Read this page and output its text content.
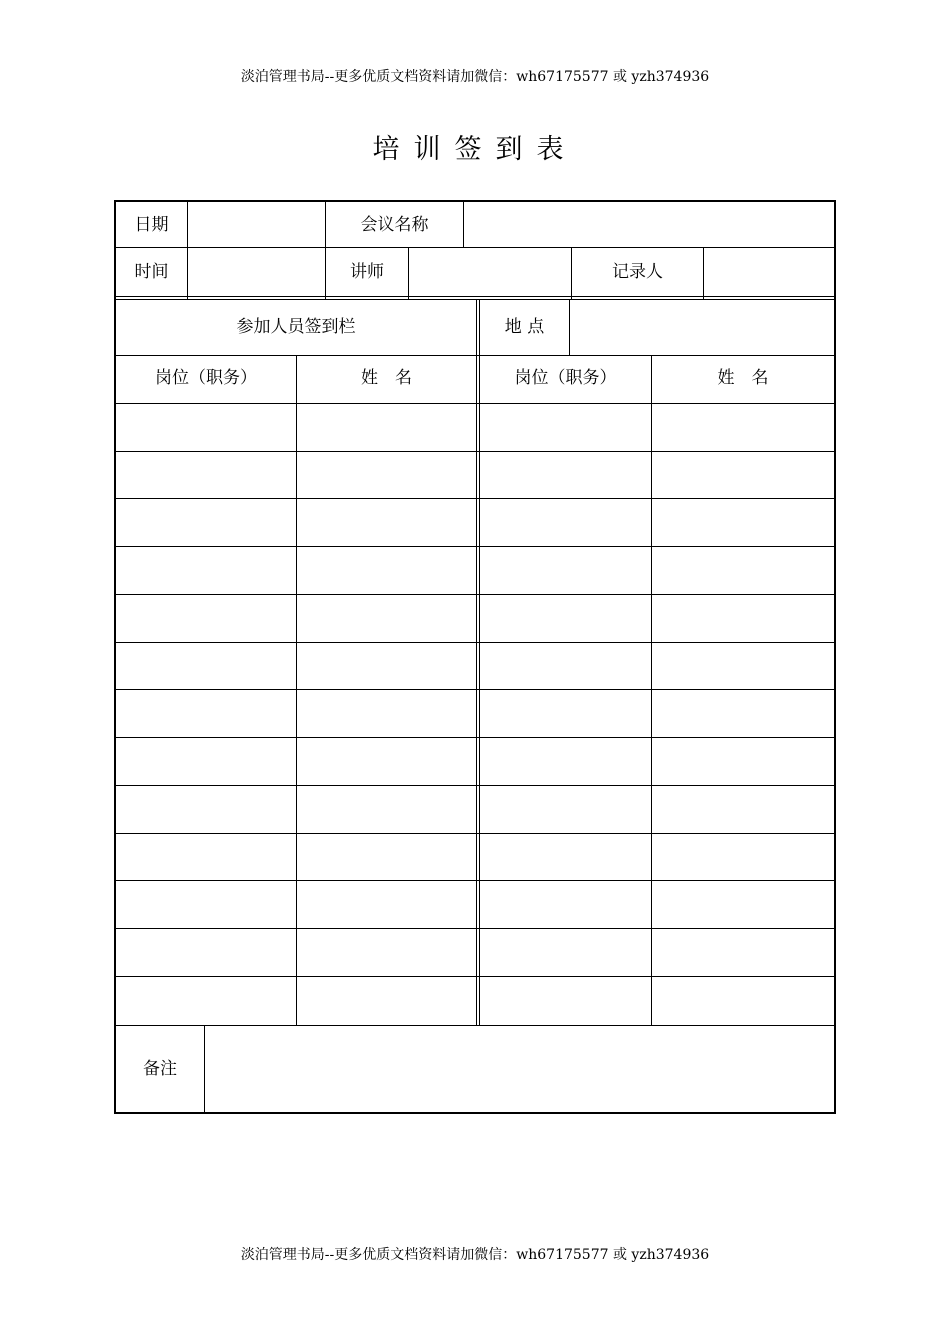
淡泊管理书局--更多优质文档资料请加微信：wh67175577 或 yzh374936
培训签到表
日期	会议名称
时间	讲师	记录人
参加人员签到栏	地 点
岗位（职务）	姓　名	岗位（职务）	姓　名
备注
淡泊管理书局--更多优质文档资料请加微信：wh67175577 或 yzh374936
